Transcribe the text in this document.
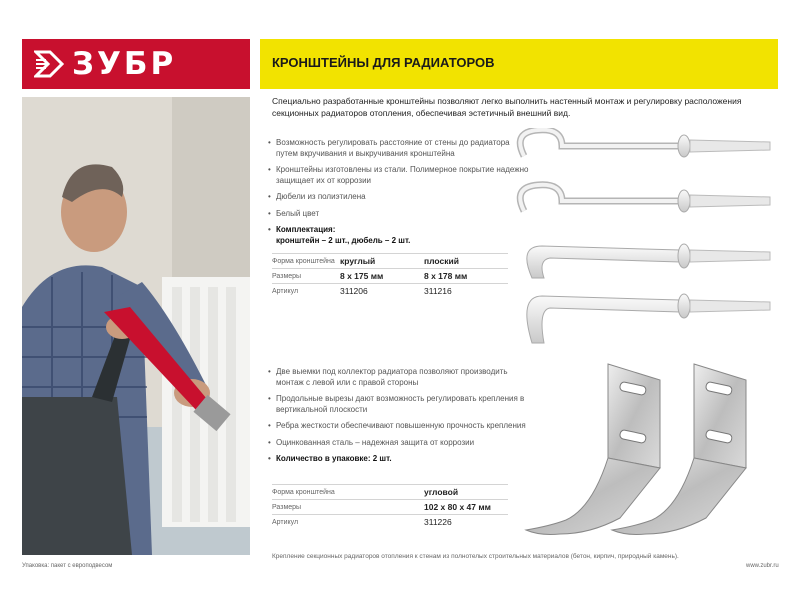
ЗУБР	КРОНШТЕЙНЫ ДЛЯ РАДИАТОРОВ
Специально разработанные кронштейны позволяют легко выполнить настенный монтаж и регулировку расположения секционных радиаторов отопления, обеспечивая эстетичный внешний вид.
• Возможность регулировать расстояние от стены до радиатора путем вкручивания и выкручивания кронштейна
• Кронштейны изготовлены из стали. Полимерное покрытие надежно защищает их от коррозии
• Дюбели из полиэтилена
• Белый цвет
• Комплектация:
кронштейн – 2 шт., дюбель – 2 шт.
Форма кронштейна	круглый	плоский
Размеры	8 x 175 мм	8 x 178 мм
Артикул	311206	311216
• Две выемки под коллектор радиатора позволяют производить монтаж с левой или с правой стороны
• Продольные вырезы дают возможность регулировать крепления в вертикальной плоскости
• Ребра жесткости обеспечивают повышенную прочность крепления
• Оцинкованная сталь – надежная защита от коррозии
• Количество в упаковке: 2 шт.
Форма кронштейна	угловой
Размеры	102 x 80 x 47 мм
Артикул	311226
Крепление секционных радиаторов отопления к стенам из полнотелых строительных материалов (бетон, кирпич, природный камень).
Упаковка: пакет с европодвесом	www.zubr.ru
